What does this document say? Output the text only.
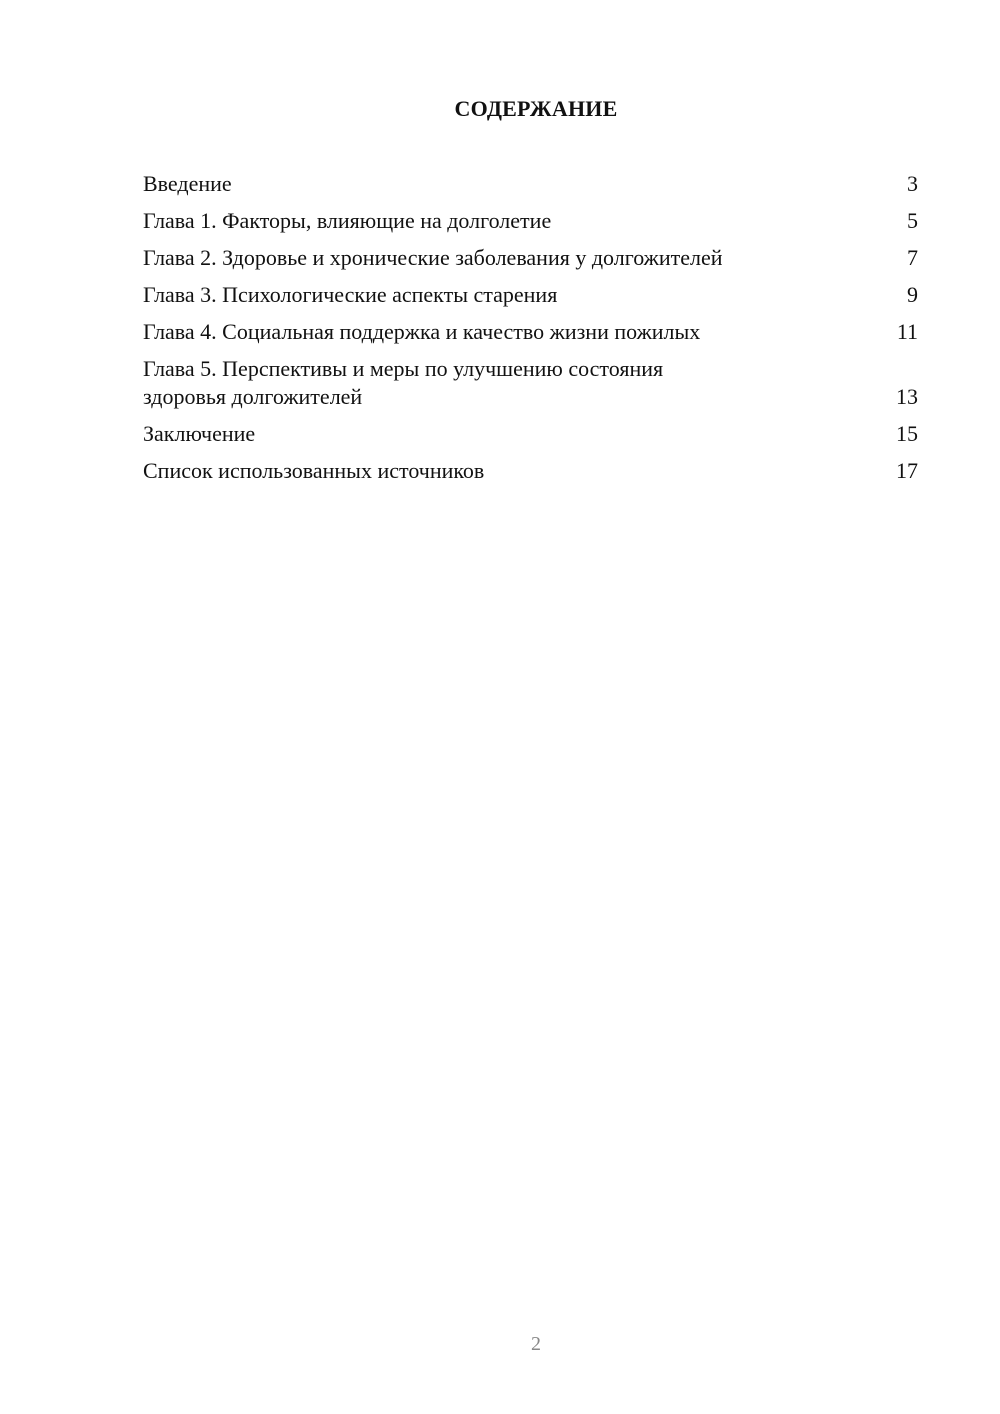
СОДЕРЖАНИЕ
Введение	3
Глава 1. Факторы, влияющие на долголетие	5
Глава 2. Здоровье и хронические заболевания у долгожителей	7
Глава 3. Психологические аспекты старения	9
Глава 4. Социальная поддержка и качество жизни пожилых	11
Глава 5. Перспективы и меры по улучшению состояния здоровья долгожителей	13
Заключение	15
Список использованных источников	17
2
